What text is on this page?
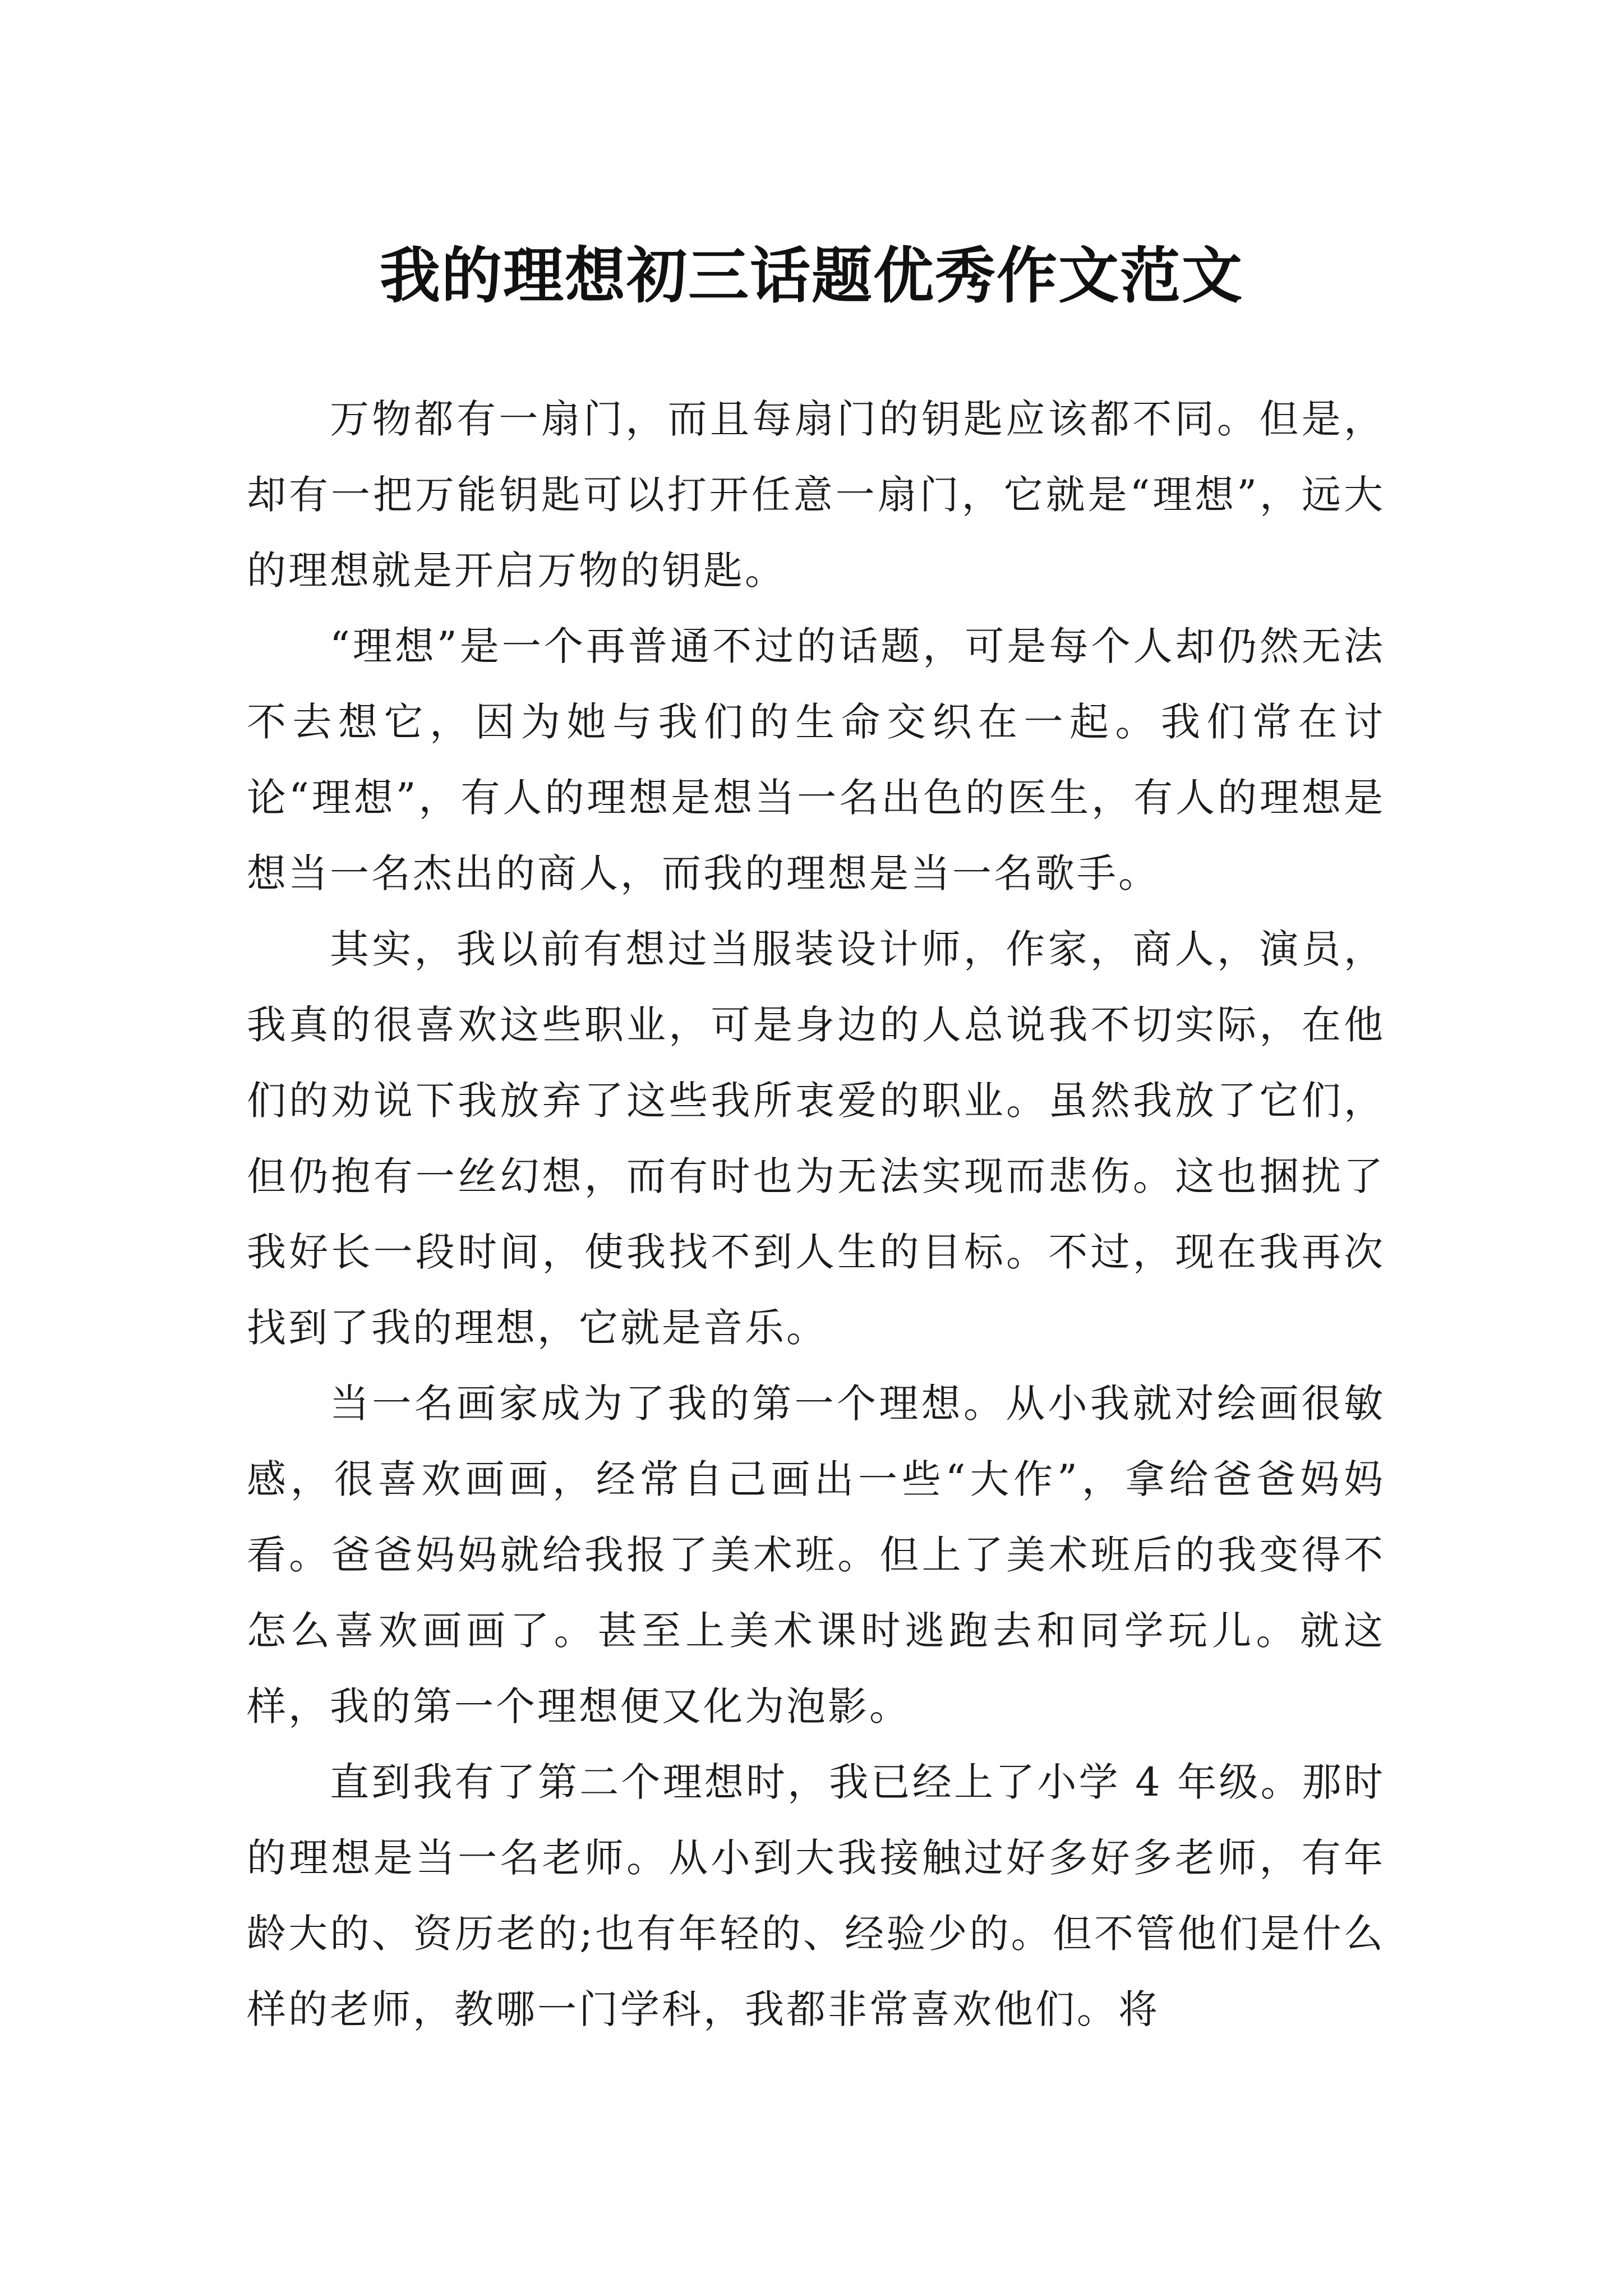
我的理想初三话题优秀作文范文

万物都有一扇门，而且每扇门的钥匙应该都不同。但是，却有一把万能钥匙可以打开任意一扇门，它就是“理想”，远大的理想就是开启万物的钥匙。

“理想”是一个再普通不过的话题，可是每个人却仍然无法不去想它，因为她与我们的生命交织在一起。我们常在讨论“理想”，有人的理想是想当一名出色的医生，有人的理想是想当一名杰出的商人，而我的理想是当一名歌手。

其实，我以前有想过当服装设计师，作家，商人，演员，我真的很喜欢这些职业，可是身边的人总说我不切实际，在他们的劝说下我放弃了这些我所衷爱的职业。虽然我放了它们，但仍抱有一丝幻想，而有时也为无法实现而悲伤。这也捆扰了我好长一段时间，使我找不到人生的目标。不过，现在我再次找到了我的理想，它就是音乐。

当一名画家成为了我的第一个理想。从小我就对绘画很敏感，很喜欢画画，经常自己画出一些“大作”，拿给爸爸妈妈看。爸爸妈妈就给我报了美术班。但上了美术班后的我变得不怎么喜欢画画了。甚至上美术课时逃跑去和同学玩儿。就这样，我的第一个理想便又化为泡影。

直到我有了第二个理想时，我已经上了小学 4 年级。那时的理想是当一名老师。从小到大我接触过好多好多老师，有年龄大的、资历老的;也有年轻的、经验少的。但不管他们是什么样的老师，教哪一门学科，我都非常喜欢他们。将
